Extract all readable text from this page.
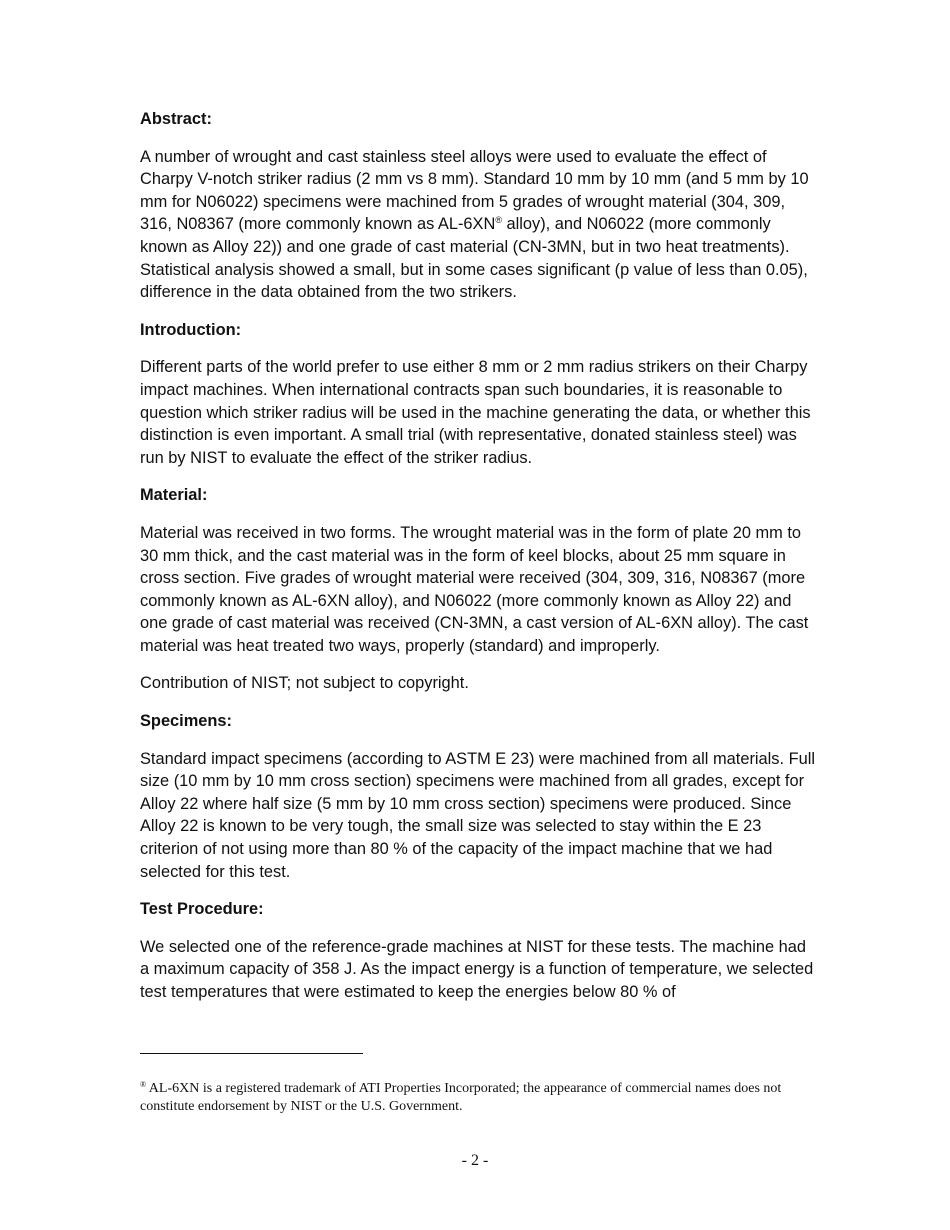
Abstract:

A number of wrought and cast stainless steel alloys were used to evaluate the effect of Charpy V-notch striker radius (2 mm vs 8 mm). Standard 10 mm by 10 mm (and 5 mm by 10 mm for N06022) specimens were machined from 5 grades of wrought material (304, 309, 316, N08367 (more commonly known as AL-6XN® alloy), and N06022 (more commonly known as Alloy 22)) and one grade of cast material (CN-3MN, but in two heat treatments). Statistical analysis showed a small, but in some cases significant (p value of less than 0.05), difference in the data obtained from the two strikers.

Introduction:

Different parts of the world prefer to use either 8 mm or 2 mm radius strikers on their Charpy impact machines. When international contracts span such boundaries, it is reasonable to question which striker radius will be used in the machine generating the data, or whether this distinction is even important. A small trial (with representative, donated stainless steel) was run by NIST to evaluate the effect of the striker radius.

Material:

Material was received in two forms. The wrought material was in the form of plate 20 mm to 30 mm thick, and the cast material was in the form of keel blocks, about 25 mm square in cross section. Five grades of wrought material were received (304, 309, 316, N08367 (more commonly known as AL-6XN alloy), and N06022 (more commonly known as Alloy 22) and one grade of cast material was received (CN-3MN, a cast version of AL-6XN alloy). The cast material was heat treated two ways, properly (standard) and improperly.

Contribution of NIST; not subject to copyright.

Specimens:

Standard impact specimens (according to ASTM E 23) were machined from all materials. Full size (10 mm by 10 mm cross section) specimens were machined from all grades, except for Alloy 22 where half size (5 mm by 10 mm cross section) specimens were produced. Since Alloy 22 is known to be very tough, the small size was selected to stay within the E 23 criterion of not using more than 80 % of the capacity of the impact machine that we had selected for this test.

Test Procedure:

We selected one of the reference-grade machines at NIST for these tests. The machine had a maximum capacity of 358 J. As the impact energy is a function of temperature, we selected test temperatures that were estimated to keep the energies below 80 % of

® AL-6XN is a registered trademark of ATI Properties Incorporated; the appearance of commercial names does not constitute endorsement by NIST or the U.S. Government.
- 2 -
